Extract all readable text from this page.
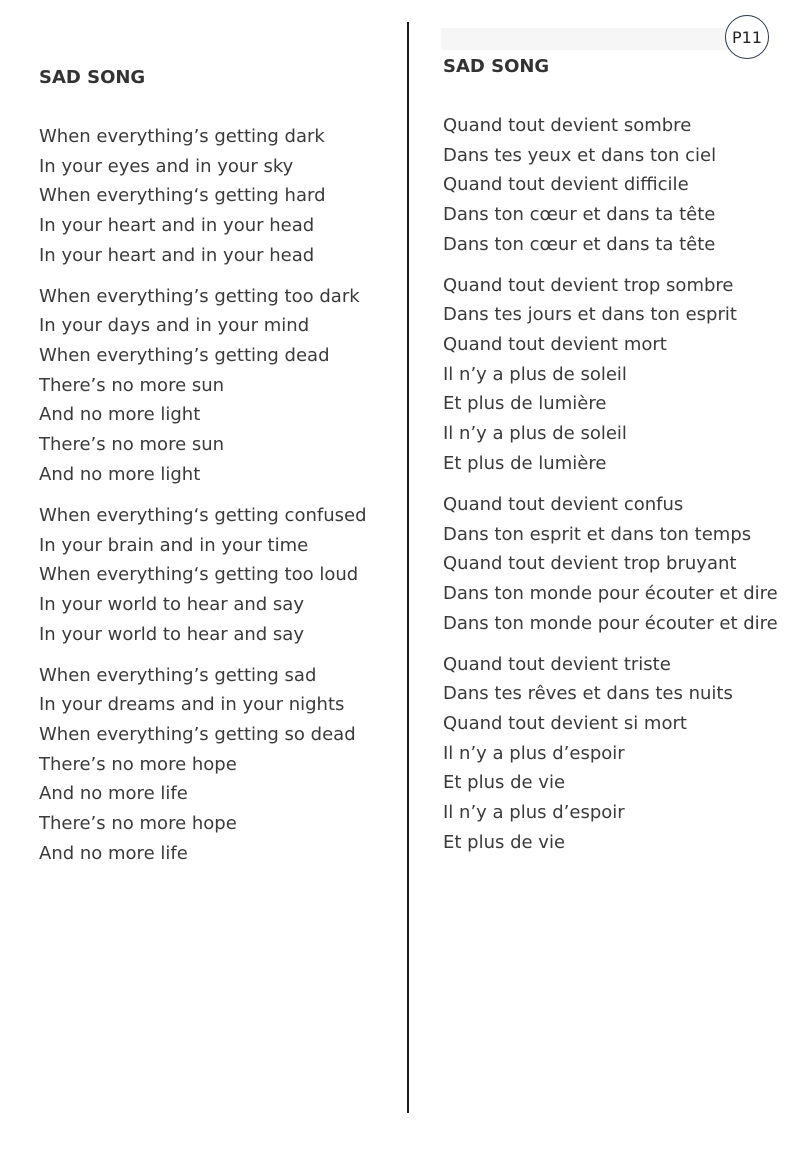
P11
SAD SONG
When everything’s getting dark
In your eyes and in your sky
When everything‘s getting hard
In your heart and in your head
In your heart and in your head
When everything’s getting too dark
In your days and in your mind
When everything’s getting dead
There’s no more sun
And no more light
There’s no more sun
And no more light
When everything‘s getting confused
In your brain and in your time
When everything‘s getting too loud
In your world to hear and say
In your world to hear and say
When everything’s getting sad
In your dreams and in your nights
When everything’s getting so dead
There’s no more hope
And no more life
There’s no more hope
And no more life
SAD SONG
Quand tout devient sombre
Dans tes yeux et dans ton ciel
Quand tout devient difficile
Dans ton cœur et dans ta tête
Dans ton cœur et dans ta tête
Quand tout devient trop sombre
Dans tes jours et dans ton esprit
Quand tout devient mort
Il n’y a plus de soleil
Et plus de lumière
Il n’y a plus de soleil
Et plus de lumière
Quand tout devient confus
Dans ton esprit et dans ton temps
Quand tout devient trop bruyant
Dans ton monde pour écouter et dire
Dans ton monde pour écouter et dire
Quand tout devient triste
Dans tes rêves et dans tes nuits
Quand tout devient si mort
Il n’y a plus d’espoir
Et plus de vie
Il n’y a plus d’espoir
Et plus de vie
